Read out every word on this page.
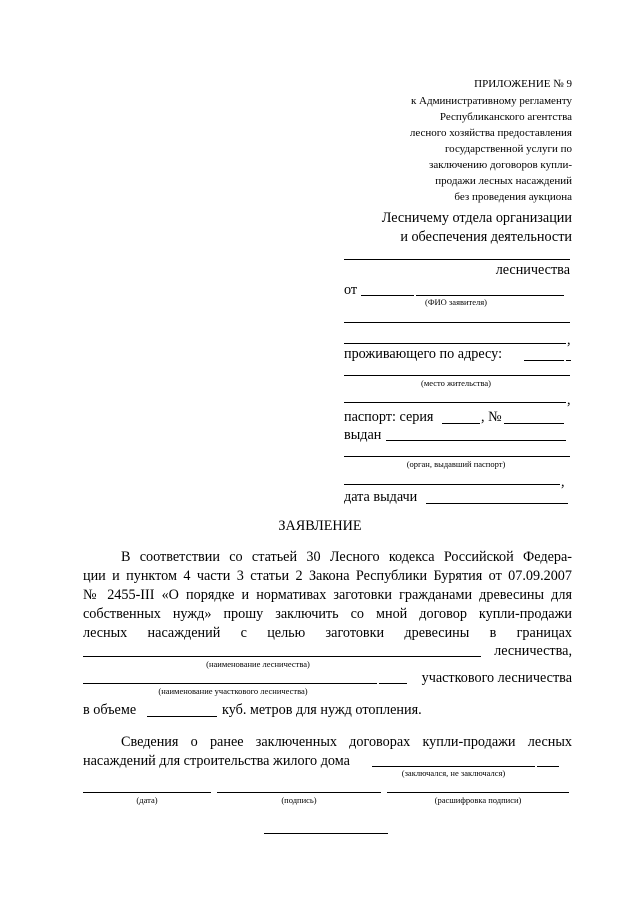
ПРИЛОЖЕНИЕ № 9
к Административному регламенту
Республиканского агентства
лесного хозяйства предоставления
государственной услуги по
заключению договоров купли-
продажи лесных насаждений
без проведения аукциона
Лесничему отдела организации
и обеспечения деятельности
лесничества
от
(ФИО заявителя)
,
проживающего по адресу:
(место жительства)
,
паспорт: серия	, №
выдан
(орган, выдавший паспорт)
,
дата выдачи
ЗАЯВЛЕНИЕ
В соответствии со статьей 30 Лесного кодекса Российской Федера-
ции и пунктом 4 части 3 статьи 2 Закона Республики Бурятия от 07.09.2007
№ 2455-III «О порядке и нормативах заготовки гражданами древесины для
собственных нужд» прошу заключить со мной договор купли-продажи
лесных насаждений с целью заготовки древесины в границах
лесничества,
(наименование лесничества)
участкового лесничества
(наименование участкового лесничества)
в объеме	куб. метров для нужд отопления.
Сведения о ранее заключенных договорах купли-продажи лесных
насаждений для строительства жилого дома
(заключался, не заключался)
(дата)	(подпись)	(расшифровка подписи)
